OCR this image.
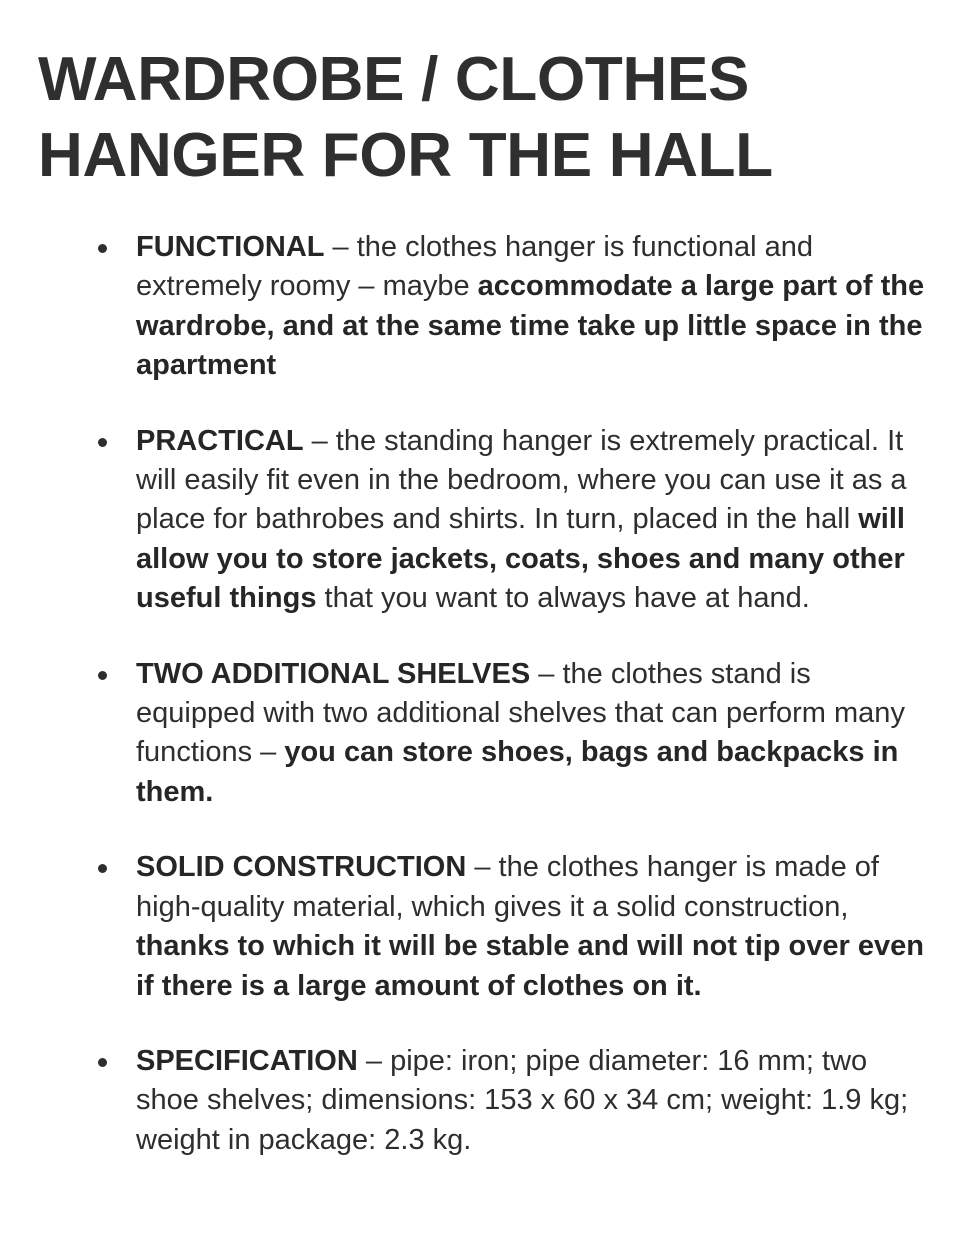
WARDROBE / CLOTHES
HANGER FOR THE HALL
FUNCTIONAL – the clothes hanger is functional and extremely roomy – maybe accommodate a large part of the wardrobe, and at the same time take up little space in the apartment
PRACTICAL – the standing hanger is extremely practical. It will easily fit even in the bedroom, where you can use it as a place for bathrobes and shirts. In turn, placed in the hall will allow you to store jackets, coats, shoes and many other useful things that you want to always have at hand.
TWO ADDITIONAL SHELVES – the clothes stand is equipped with two additional shelves that can perform many functions – you can store shoes, bags and backpacks in them.
SOLID CONSTRUCTION – the clothes hanger is made of high-quality material, which gives it a solid construction, thanks to which it will be stable and will not tip over even if there is a large amount of clothes on it.
SPECIFICATION – pipe: iron; pipe diameter: 16 mm; two shoe shelves; dimensions: 153 x 60 x 34 cm; weight: 1.9 kg; weight in package: 2.3 kg.
